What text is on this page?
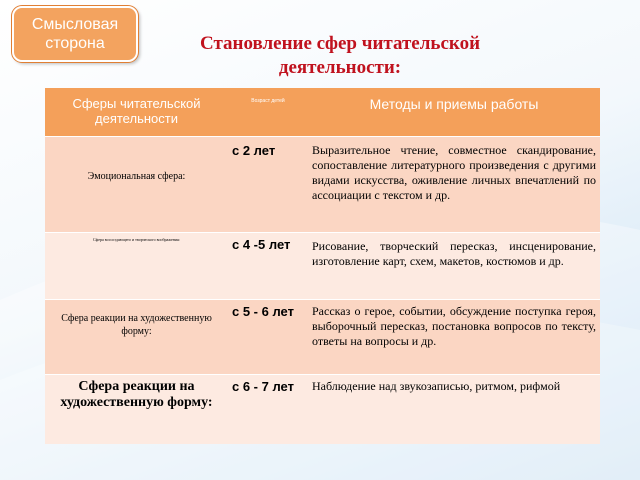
Смысловая сторона	Становление сфер читательской деятельности:
Сферы читательской деятельности	Возраст детей	Методы и приемы работы
Эмоциональная сфера:	с 2 лет	Выразительное чтение, совместное скандирование, сопоставление литературного произведения с другими видами искусства, оживление личных впечатлений по ассоциации с текстом и др.
Сфера воссоздающего и творческого воображения:	с 4 -5 лет	Рисование, творческий пересказ, инсценирование, изготовление карт, схем, макетов, костюмов и др.
Сфера реакции на художественную форму:	с 5 - 6 лет	Рассказ о герое, событии, обсуждение поступка героя, выборочный пересказ, постановка вопросов по тексту, ответы на вопросы и др.
Сфера реакции на художественную форму:	с 6 - 7 лет	Наблюдение над звукозаписью, ритмом, рифмой
